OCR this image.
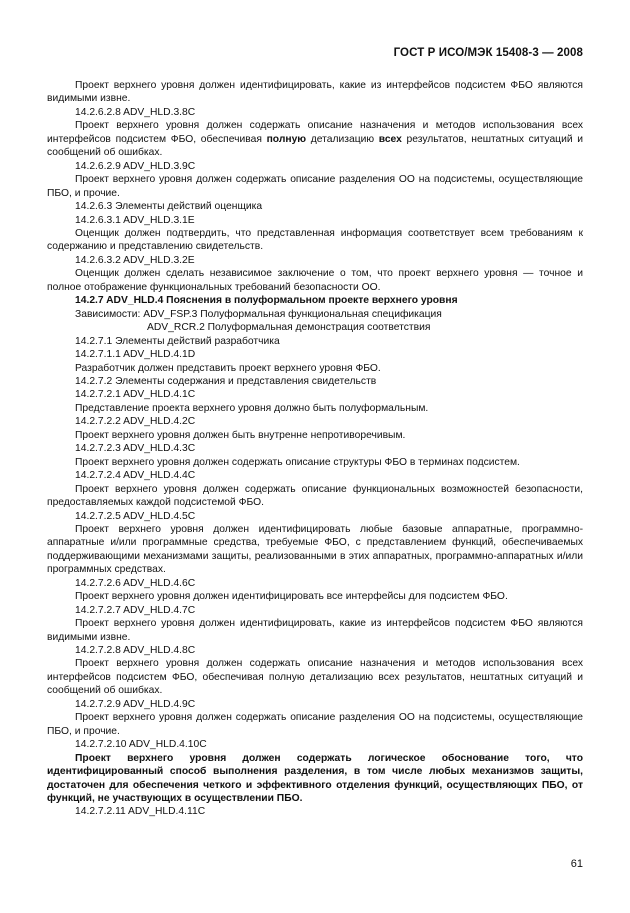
ГОСТ Р ИСО/МЭК 15408-3 — 2008

Проект верхнего уровня должен идентифицировать, какие из интерфейсов подсистем ФБО являются видимыми извне.

14.2.6.2.8 ADV_HLD.3.8C

Проект верхнего уровня должен содержать описание назначения и методов использования всех интерфейсов подсистем ФБО, обеспечивая полную детализацию всех результатов, нештатных ситуаций и сообщений об ошибках.

14.2.6.2.9 ADV_HLD.3.9C

Проект верхнего уровня должен содержать описание разделения ОО на подсистемы, осуществляющие ПБО, и прочие.

14.2.6.3 Элементы действий оценщика

14.2.6.3.1 ADV_HLD.3.1E

Оценщик должен подтвердить, что представленная информация соответствует всем требованиям к содержанию и представлению свидетельств.

14.2.6.3.2 ADV_HLD.3.2E

Оценщик должен сделать независимое заключение о том, что проект верхнего уровня — точное и полное отображение функциональных требований безопасности ОО.

14.2.7 ADV_HLD.4 Пояснения в полуформальном проекте верхнего уровня

Зависимости: ADV_FSP.3 Полуформальная функциональная спецификация

ADV_RCR.2 Полуформальная демонстрация соответствия

14.2.7.1 Элементы действий разработчика

14.2.7.1.1 ADV_HLD.4.1D

Разработчик должен представить проект верхнего уровня ФБО.

14.2.7.2 Элементы содержания и представления свидетельств

14.2.7.2.1 ADV_HLD.4.1C

Представление проекта верхнего уровня должно быть полуформальным.

14.2.7.2.2 ADV_HLD.4.2C

Проект верхнего уровня должен быть внутренне непротиворечивым.

14.2.7.2.3 ADV_HLD.4.3C

Проект верхнего уровня должен содержать описание структуры ФБО в терминах подсистем.

14.2.7.2.4 ADV_HLD.4.4C

Проект верхнего уровня должен содержать описание функциональных возможностей безопасности, предоставляемых каждой подсистемой ФБО.

14.2.7.2.5 ADV_HLD.4.5C

Проект верхнего уровня должен идентифицировать любые базовые аппаратные, программно-аппаратные и/или программные средства, требуемые ФБО, с представлением функций, обеспечиваемых поддерживающими механизмами защиты, реализованными в этих аппаратных, программно-аппаратных и/или программных средствах.

14.2.7.2.6 ADV_HLD.4.6C

Проект верхнего уровня должен идентифицировать все интерфейсы для подсистем ФБО.

14.2.7.2.7 ADV_HLD.4.7C

Проект верхнего уровня должен идентифицировать, какие из интерфейсов подсистем ФБО являются видимыми извне.

14.2.7.2.8 ADV_HLD.4.8C

Проект верхнего уровня должен содержать описание назначения и методов использования всех интерфейсов подсистем ФБО, обеспечивая полную детализацию всех результатов, нештатных ситуаций и сообщений об ошибках.

14.2.7.2.9 ADV_HLD.4.9C

Проект верхнего уровня должен содержать описание разделения ОО на подсистемы, осуществляющие ПБО, и прочие.

14.2.7.2.10 ADV_HLD.4.10C

Проект верхнего уровня должен содержать логическое обоснование того, что идентифицированный способ выполнения разделения, в том числе любых механизмов защиты, достаточен для обеспечения четкого и эффективного отделения функций, осуществляющих ПБО, от функций, не участвующих в осуществлении ПБО.

14.2.7.2.11 ADV_HLD.4.11C

61
